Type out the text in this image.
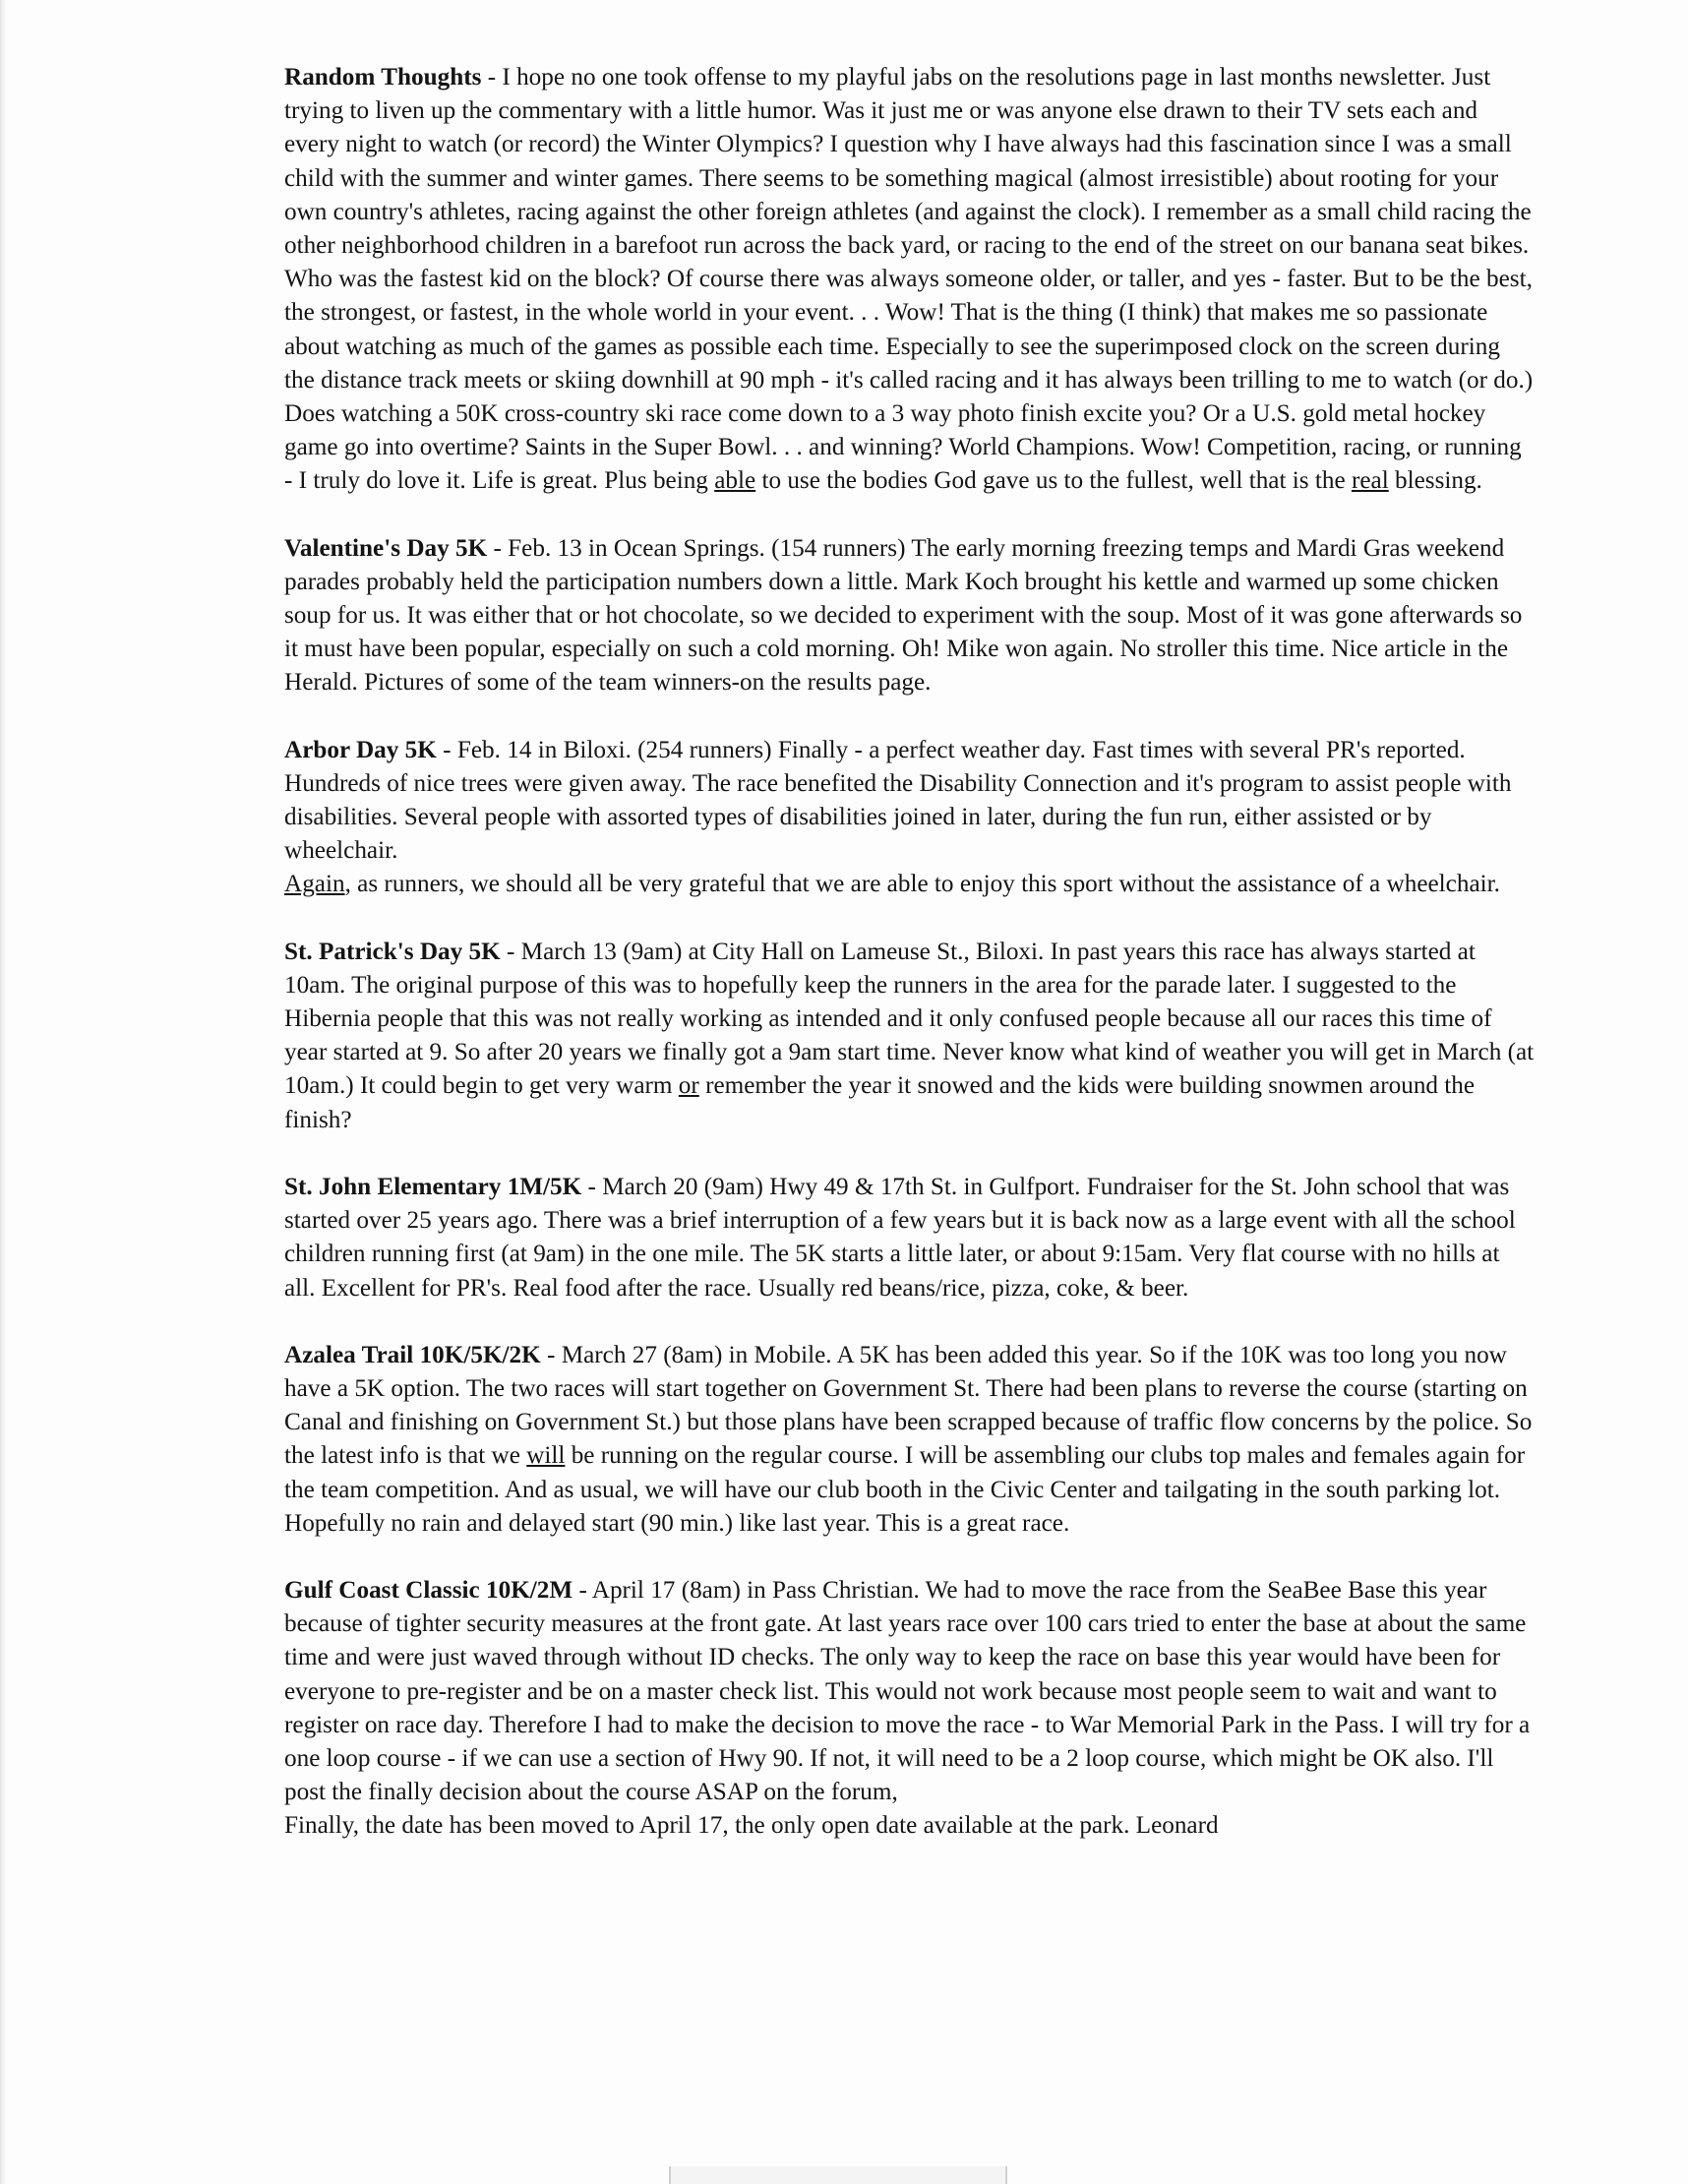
Random Thoughts - I hope no one took offense to my playful jabs on the resolutions page in last months newsletter. Just trying to liven up the commentary with a little humor. Was it just me or was anyone else drawn to their TV sets each and every night to watch (or record) the Winter Olympics? I question why I have always had this fascination since I was a small child with the summer and winter games. There seems to be something magical (almost irresistible) about rooting for your own country's athletes, racing against the other foreign athletes (and against the clock). I remember as a small child racing the other neighborhood children in a barefoot run across the back yard, or racing to the end of the street on our banana seat bikes. Who was the fastest kid on the block? Of course there was always someone older, or taller, and yes - faster. But to be the best, the strongest, or fastest, in the whole world in your event. . . Wow! That is the thing (I think) that makes me so passionate about watching as much of the games as possible each time. Especially to see the superimposed clock on the screen during the distance track meets or skiing downhill at 90 mph - it's called racing and it has always been trilling to me to watch (or do.) Does watching a 50K cross-country ski race come down to a 3 way photo finish excite you? Or a U.S. gold metal hockey game go into overtime? Saints in the Super Bowl. . . and winning? World Champions. Wow! Competition, racing, or running - I truly do love it. Life is great. Plus being able to use the bodies God gave us to the fullest, well that is the real blessing.

Valentine's Day 5K - Feb. 13 in Ocean Springs. (154 runners) The early morning freezing temps and Mardi Gras weekend parades probably held the participation numbers down a little. Mark Koch brought his kettle and warmed up some chicken soup for us. It was either that or hot chocolate, so we decided to experiment with the soup. Most of it was gone afterwards so it must have been popular, especially on such a cold morning. Oh! Mike won again. No stroller this time. Nice article in the Herald. Pictures of some of the team winners-on the results page.

Arbor Day 5K - Feb. 14 in Biloxi. (254 runners) Finally - a perfect weather day. Fast times with several PR's reported. Hundreds of nice trees were given away. The race benefited the Disability Connection and it's program to assist people with disabilities. Several people with assorted types of disabilities joined in later, during the fun run, either assisted or by wheelchair.

Again, as runners, we should all be very grateful that we are able to enjoy this sport without the assistance of a wheelchair.

St. Patrick's Day 5K - March 13 (9am) at City Hall on Lameuse St., Biloxi. In past years this race has always started at 10am. The original purpose of this was to hopefully keep the runners in the area for the parade later. I suggested to the Hibernia people that this was not really working as intended and it only confused people because all our races this time of year started at 9. So after 20 years we finally got a 9am start time. Never know what kind of weather you will get in March (at 10am.) It could begin to get very warm or remember the year it snowed and the kids were building snowmen around the finish?

St. John Elementary 1M/5K - March 20 (9am) Hwy 49 & 17th St. in Gulfport. Fundraiser for the St. John school that was started over 25 years ago. There was a brief interruption of a few years but it is back now as a large event with all the school children running first (at 9am) in the one mile. The 5K starts a little later, or about 9:15am. Very flat course with no hills at all. Excellent for PR's. Real food after the race. Usually red beans/rice, pizza, coke, & beer.

Azalea Trail 10K/5K/2K - March 27 (8am) in Mobile. A 5K has been added this year. So if the 10K was too long you now have a 5K option. The two races will start together on Government St. There had been plans to reverse the course (starting on Canal and finishing on Government St.) but those plans have been scrapped because of traffic flow concerns by the police. So the latest info is that we will be running on the regular course. I will be assembling our clubs top males and females again for the team competition. And as usual, we will have our club booth in the Civic Center and tailgating in the south parking lot. Hopefully no rain and delayed start (90 min.) like last year. This is a great race.

Gulf Coast Classic 10K/2M - April 17 (8am) in Pass Christian. We had to move the race from the SeaBee Base this year because of tighter security measures at the front gate. At last years race over 100 cars tried to enter the base at about the same time and were just waved through without ID checks. The only way to keep the race on base this year would have been for everyone to pre-register and be on a master check list. This would not work because most people seem to wait and want to register on race day. Therefore I had to make the decision to move the race - to War Memorial Park in the Pass. I will try for a one loop course - if we can use a section of Hwy 90. If not, it will need to be a 2 loop course, which might be OK also. I'll post the finally decision about the course ASAP on the forum,

Finally, the date has been moved to April 17, the only open date available at the park. Leonard
